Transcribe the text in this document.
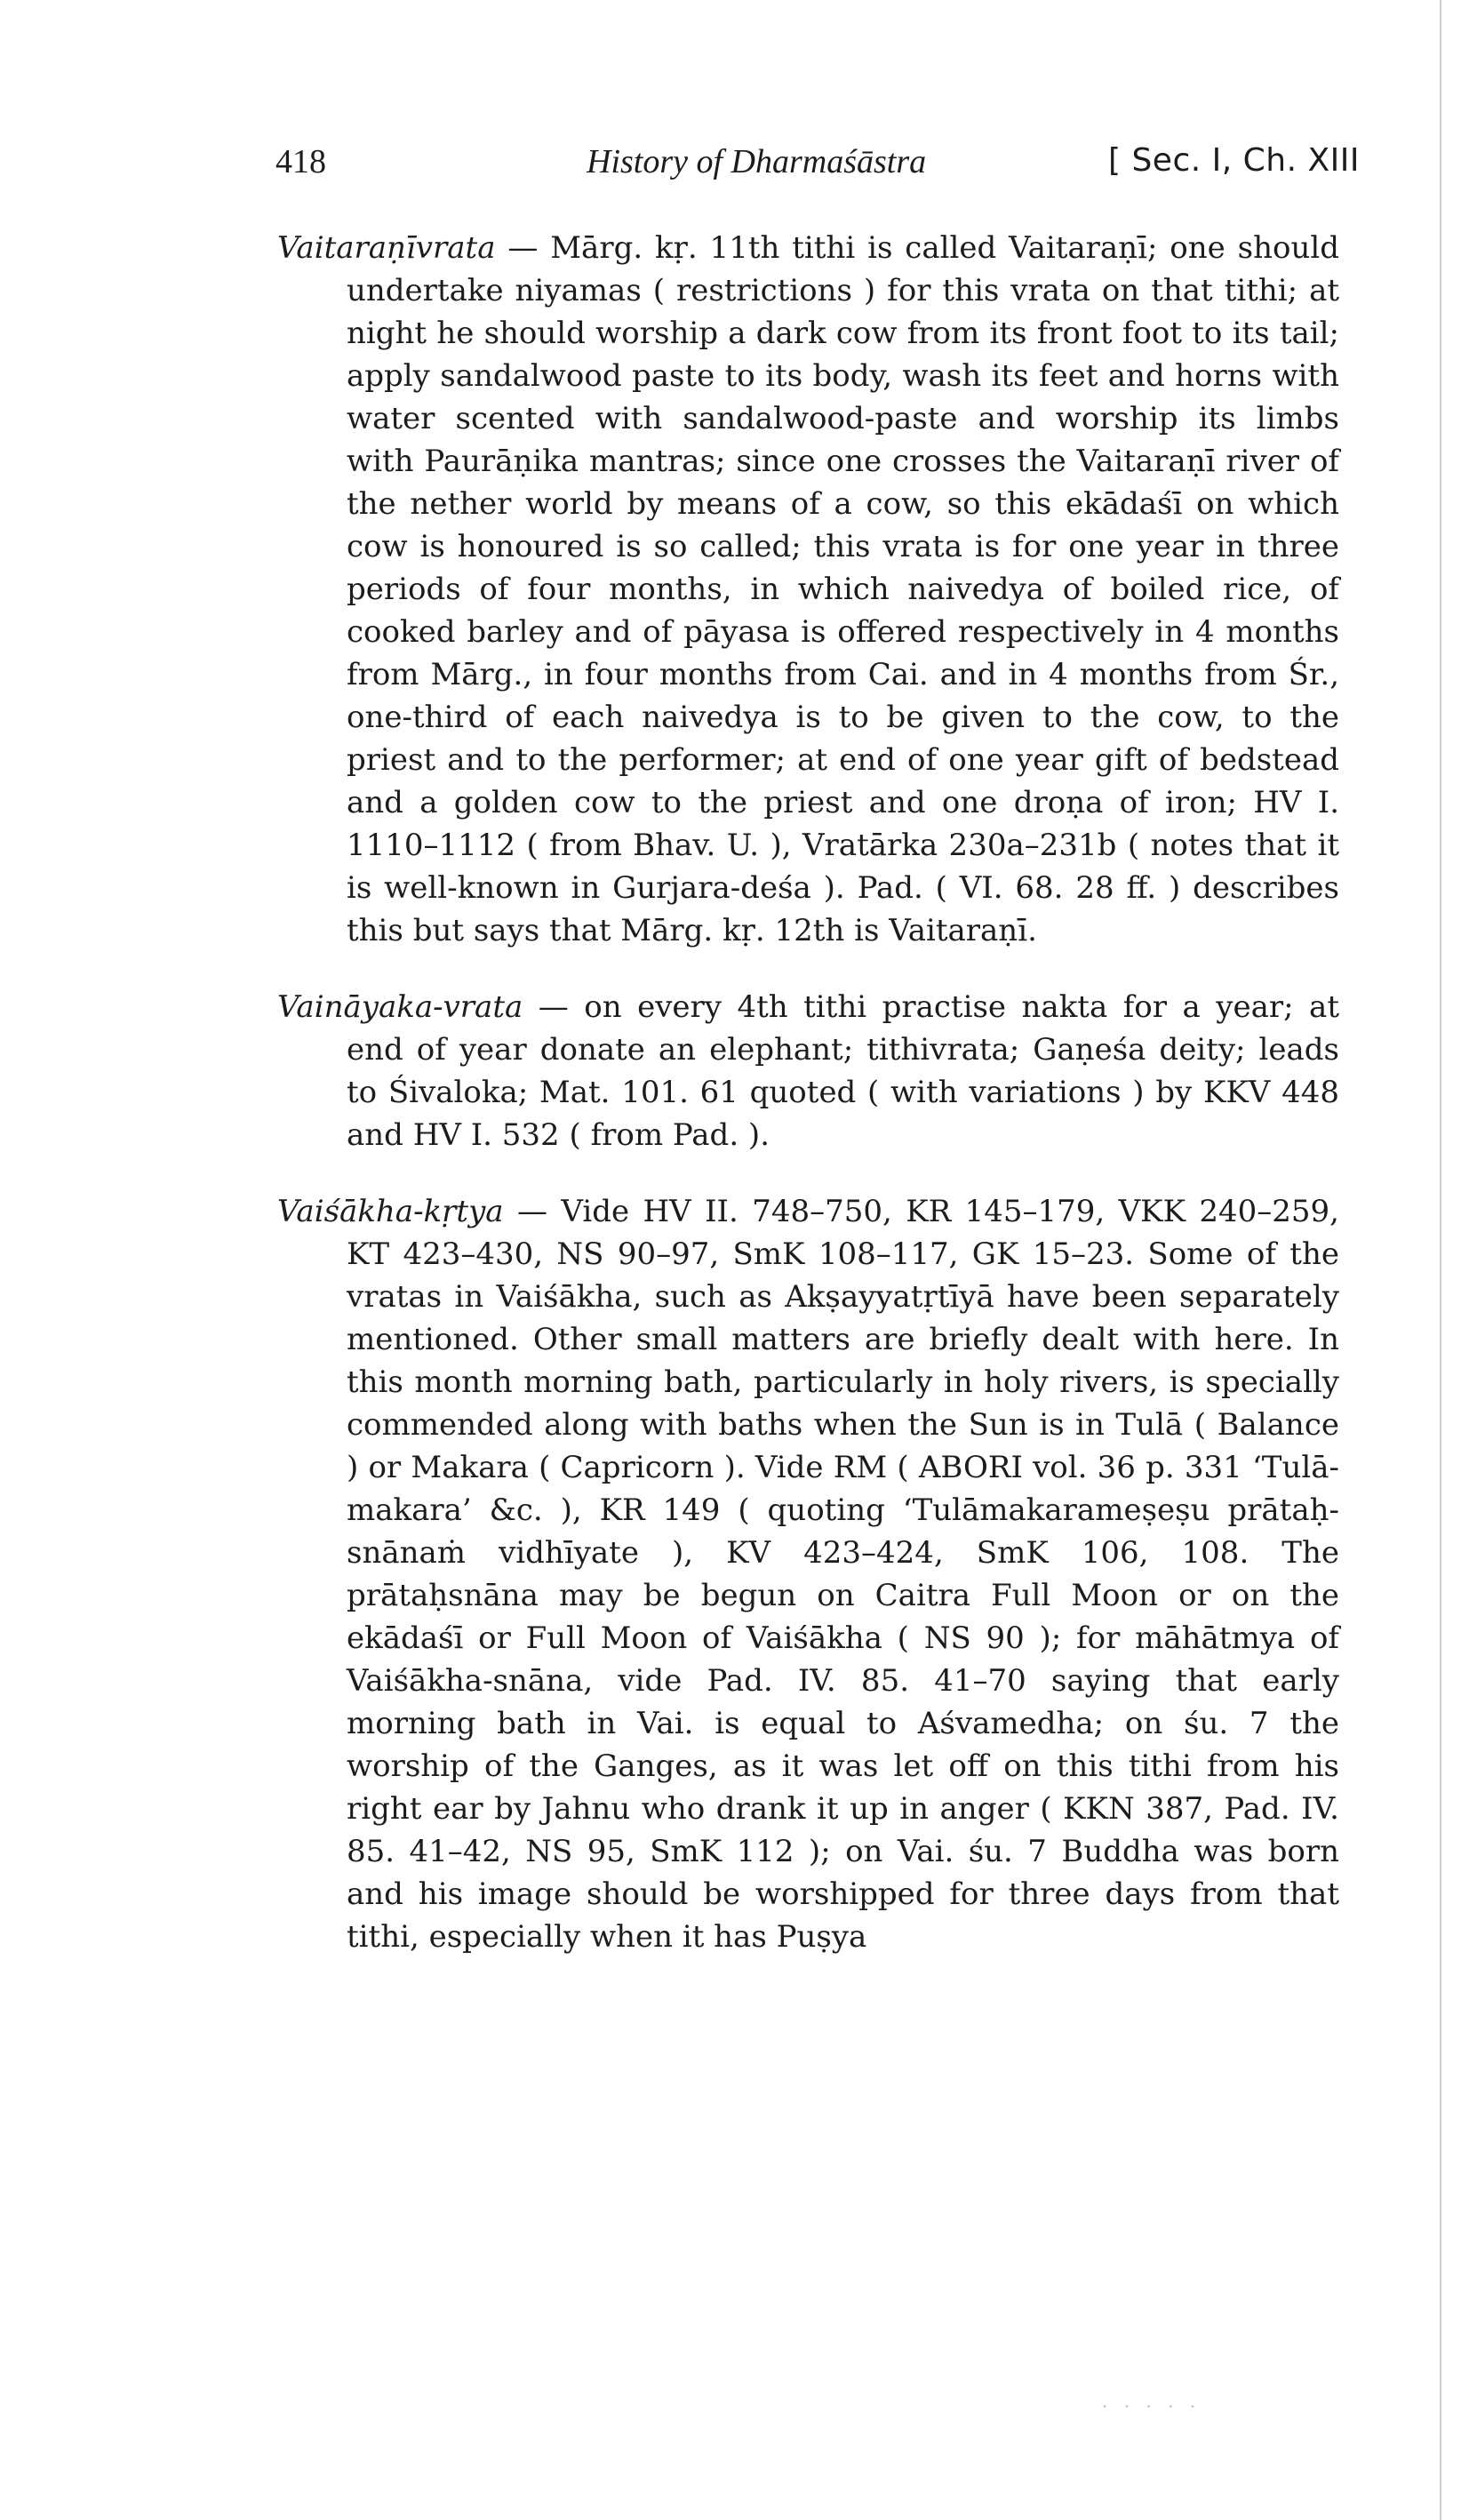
418	History of Dharmaśāstra	[ Sec. I, Ch. XIII

Vaitaraṇīvrata — Mārg. kṛ. 11th tithi is called Vaitaraṇī; one should undertake niyamas ( restrictions ) for this vrata on that tithi; at night he should worship a dark cow from its front foot to its tail; apply sandalwood paste to its body, wash its feet and horns with water scented with sandalwood-paste and worship its limbs with Paurāṇika mantras; since one crosses the Vaitaraṇī river of the nether world by means of a cow, so this ekādaśī on which cow is honoured is so called; this vrata is for one year in three periods of four months, in which naivedya of boiled rice, of cooked barley and of pāyasa is offered respectively in 4 months from Mārg., in four months from Cai. and in 4 months from Śr., one-third of each naivedya is to be given to the cow, to the priest and to the performer; at end of one year gift of bedstead and a golden cow to the priest and one droṇa of iron; HV I. 1110–1112 ( from Bhav. U. ), Vratārka 230a–231b ( notes that it is well-known in Gurjara-deśa ). Pad. ( VI. 68. 28 ff. ) describes this but says that Mārg. kṛ. 12th is Vaitaraṇī.

Vaināyaka-vrata — on every 4th tithi practise nakta for a year; at end of year donate an elephant; tithivrata; Gaṇeśa deity; leads to Śivaloka; Mat. 101. 61 quoted ( with variations ) by KKV 448 and HV I. 532 ( from Pad. ).

Vaiśākha-kṛtya — Vide HV II. 748–750, KR 145–179, VKK 240–259, KT 423–430, NS 90–97, SmK 108–117, GK 15–23. Some of the vratas in Vaiśākha, such as Akṣayyatṛtīyā have been separately mentioned. Other small matters are briefly dealt with here. In this month morning bath, particularly in holy rivers, is specially commended along with baths when the Sun is in Tulā ( Balance ) or Makara ( Capricorn ). Vide RM ( ABORI vol. 36 p. 331 ‘Tulā-makara’ &c. ), KR 149 ( quoting ‘Tulāmakarameṣeṣu prātaḥ-snānaṁ vidhīyate ), KV 423–424, SmK 106, 108. The prātaḥsnāna may be begun on Caitra Full Moon or on the ekādaśī or Full Moon of Vaiśākha ( NS 90 ); for māhātmya of Vaiśākha-snāna, vide Pad. IV. 85. 41–70 saying that early morning bath in Vai. is equal to Aśvamedha; on śu. 7 the worship of the Ganges, as it was let off on this tithi from his right ear by Jahnu who drank it up in anger ( KKN 387, Pad. IV. 85. 41–42, NS 95, SmK 112 ); on Vai. śu. 7 Buddha was born and his image should be worshipped for three days from that tithi, especially when it has Puṣya

· · · · ·
